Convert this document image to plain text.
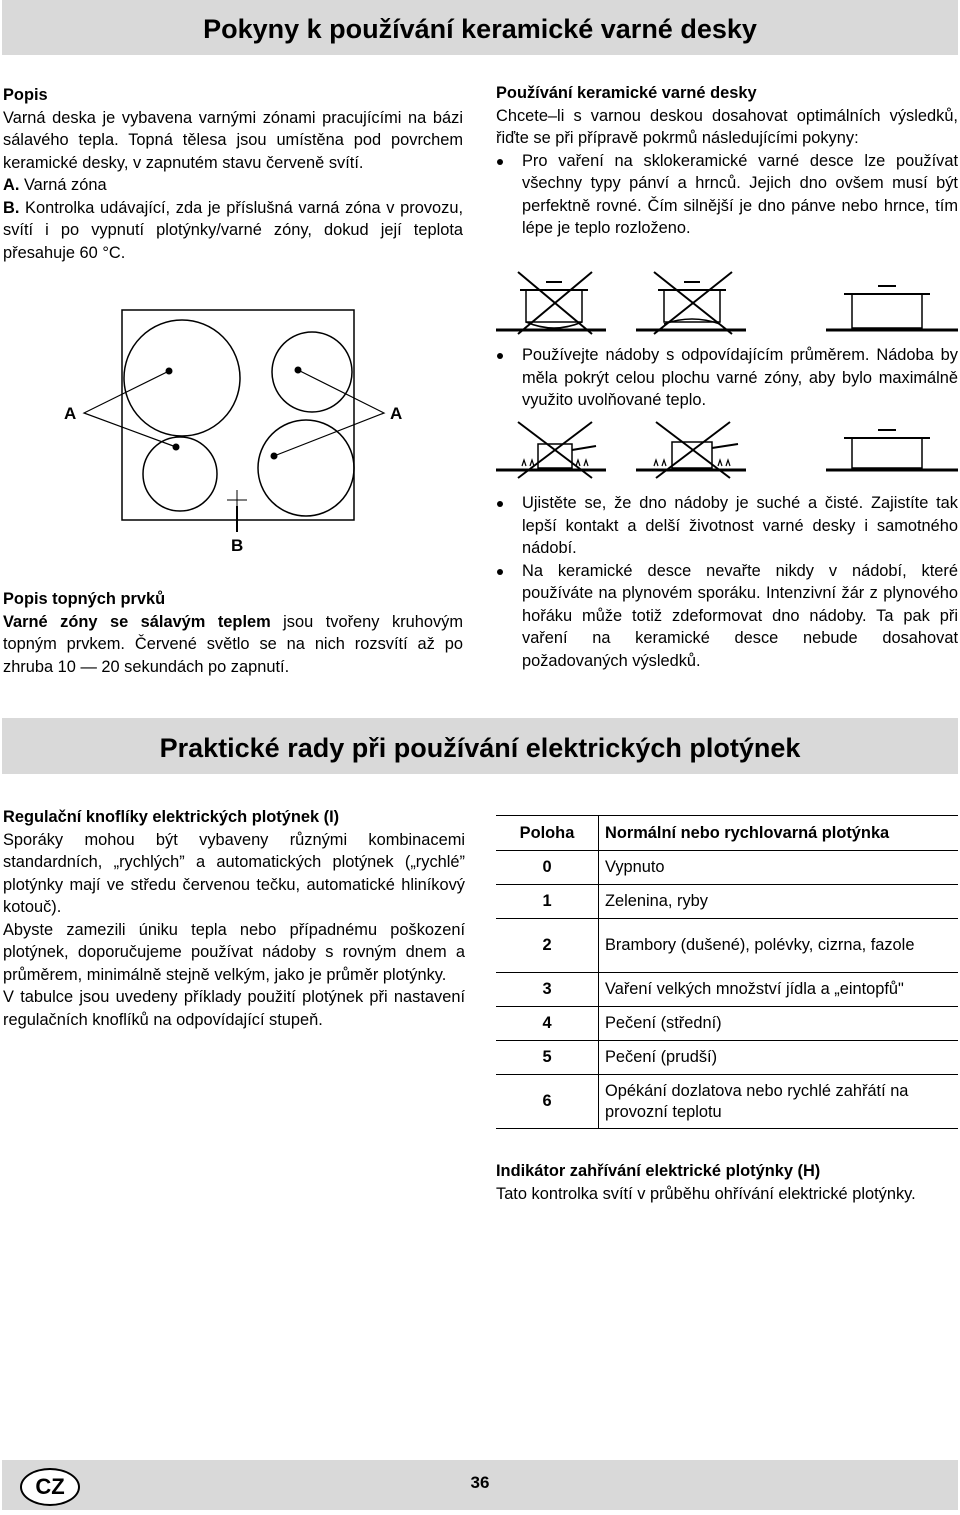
Pokyny k používání keramické varné desky

Popis

Varná deska je vybavena varnými zónami pracujícími na bázi sálavého tepla. Topná tělesa jsou umístěna pod povrchem keramické desky, v zapnutém stavu červeně svítí.

A. Varná zóna

B. Kontrolka udávající, zda je příslušná varná zóna v provozu, svítí i po vypnutí plotýnky/varné zóny, dokud její teplota přesahuje 60 °C.

A	A
B

Popis topných prvků

Varné zóny se sálavým teplem jsou tvořeny kruhovým topným prvkem. Červené světlo se na nich rozsvítí až po zhruba 10 — 20 sekundách po zapnutí.

Používání keramické varné desky

Chcete–li s varnou deskou dosahovat optimálních výsledků, řiďte se při přípravě pokrmů následujícími pokyny:

Pro vaření na sklokeramické varné desce lze používat všechny typy pánví a hrnců. Jejich dno ovšem musí být perfektně rovné. Čím silnější je dno pánve nebo hrnce, tím lépe je teplo rozloženo.
Používejte nádoby s odpovídajícím průměrem. Nádoba by měla pokrýt celou plochu varné zóny, aby bylo maximálně využito uvolňované teplo.
Ujistěte se, že dno nádoby je suché a čisté. Zajistíte tak lepší kontakt a delší životnost varné desky i samotného nádobí.
Na keramické desce nevařte nikdy v nádobí, které používáte na plynovém sporáku. Intenzivní žár z plynového hořáku může totiž zdeformovat dno nádoby. Ta pak při vaření na keramické desce nebude dosahovat požadovaných výsledků.
Praktické rady při používání elektrických plotýnek

Regulační knoflíky elektrických plotýnek (I)

Sporáky mohou být vybaveny různými kombinacemi standardních, „rychlých” a automatických plotýnek („rychlé” plotýnky mají ve středu červenou tečku, automatické hliníkový kotouč).

Abyste zamezili úniku tepla nebo případnému poškození plotýnek, doporučujeme používat nádoby s rovným dnem a průměrem, minimálně stejně velkým, jako je průměr plotýnky.

V tabulce jsou uvedeny příklady použití plotýnek při nastavení regulačních knoflíků na odpovídající stupeň.

Poloha	Normální nebo rychlovarná plotýnka
0	Vypnuto
1	Zelenina, ryby
2	Brambory (dušené), polévky, cizrna, fazole
3	Vaření velkých množství jídla a „eintopfů"
4	Pečení (střední)
5	Pečení (prudší)
6	Opékání dozlatova nebo rychlé zahřátí na provozní teplotu

Indikátor zahřívání elektrické plotýnky (H)

Tato kontrolka svítí v průběhu ohřívání elektrické plotýnky.

36
CZ
